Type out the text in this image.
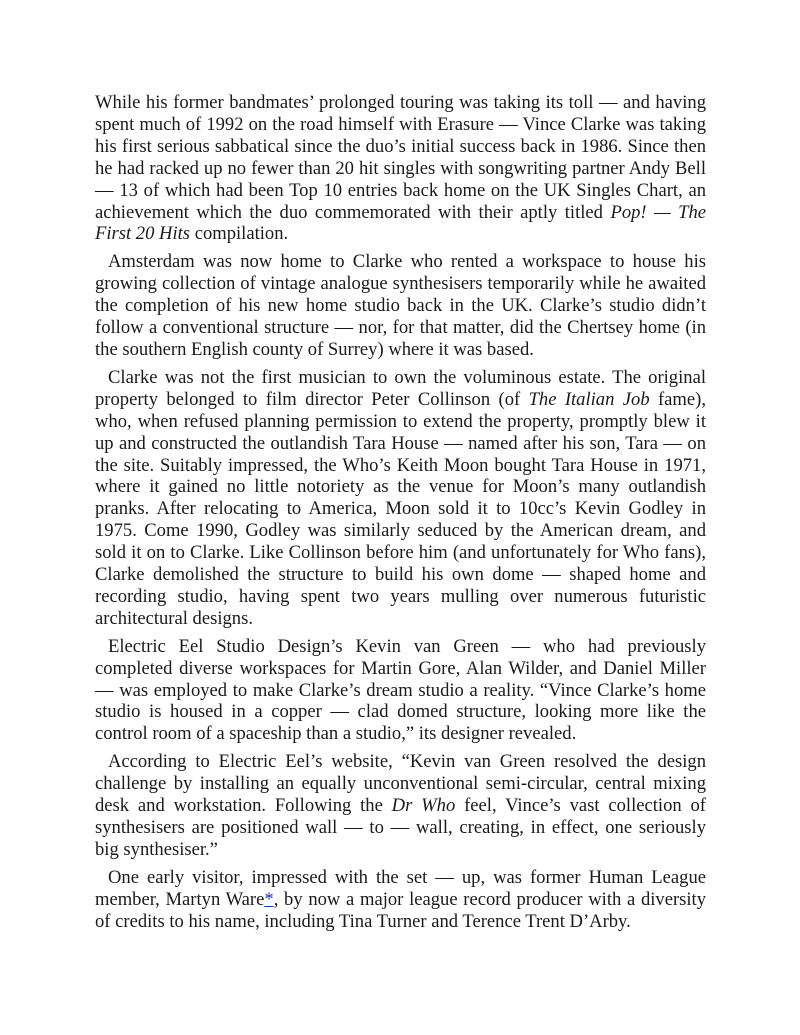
While his former bandmates’ prolonged touring was taking its toll — and having spent much of 1992 on the road himself with Erasure — Vince Clarke was taking his first serious sabbatical since the duo’s initial success back in 1986. Since then he had racked up no fewer than 20 hit singles with songwriting partner Andy Bell — 13 of which had been Top 10 entries back home on the UK Singles Chart, an achievement which the duo commemorated with their aptly titled Pop! — The First 20 Hits compilation.

Amsterdam was now home to Clarke who rented a workspace to house his growing collection of vintage analogue synthesisers temporarily while he awaited the completion of his new home studio back in the UK. Clarke’s studio didn’t follow a conventional structure — nor, for that matter, did the Chertsey home (in the southern English county of Surrey) where it was based.

Clarke was not the first musician to own the voluminous estate. The original property belonged to film director Peter Collinson (of The Italian Job fame), who, when refused planning permission to extend the property, promptly blew it up and constructed the outlandish Tara House — named after his son, Tara — on the site. Suitably impressed, the Who’s Keith Moon bought Tara House in 1971, where it gained no little notoriety as the venue for Moon’s many outlandish pranks. After relocating to America, Moon sold it to 10cc’s Kevin Godley in 1975. Come 1990, Godley was similarly seduced by the American dream, and sold it on to Clarke. Like Collinson before him (and unfortunately for Who fans), Clarke demolished the structure to build his own dome — shaped home and recording studio, having spent two years mulling over numerous futuristic architectural designs.

Electric Eel Studio Design’s Kevin van Green — who had previously completed diverse workspaces for Martin Gore, Alan Wilder, and Daniel Miller — was employed to make Clarke’s dream studio a reality. “Vince Clarke’s home studio is housed in a copper — clad domed structure, looking more like the control room of a spaceship than a studio,” its designer revealed.

According to Electric Eel’s website, “Kevin van Green resolved the design challenge by installing an equally unconventional semi-circular, central mixing desk and workstation. Following the Dr Who feel, Vince’s vast collection of synthesisers are positioned wall — to — wall, creating, in effect, one seriously big synthesiser.”

One early visitor, impressed with the set — up, was former Human League member, Martyn Ware*, by now a major league record producer with a diversity of credits to his name, including Tina Turner and Terence Trent D’Arby.
